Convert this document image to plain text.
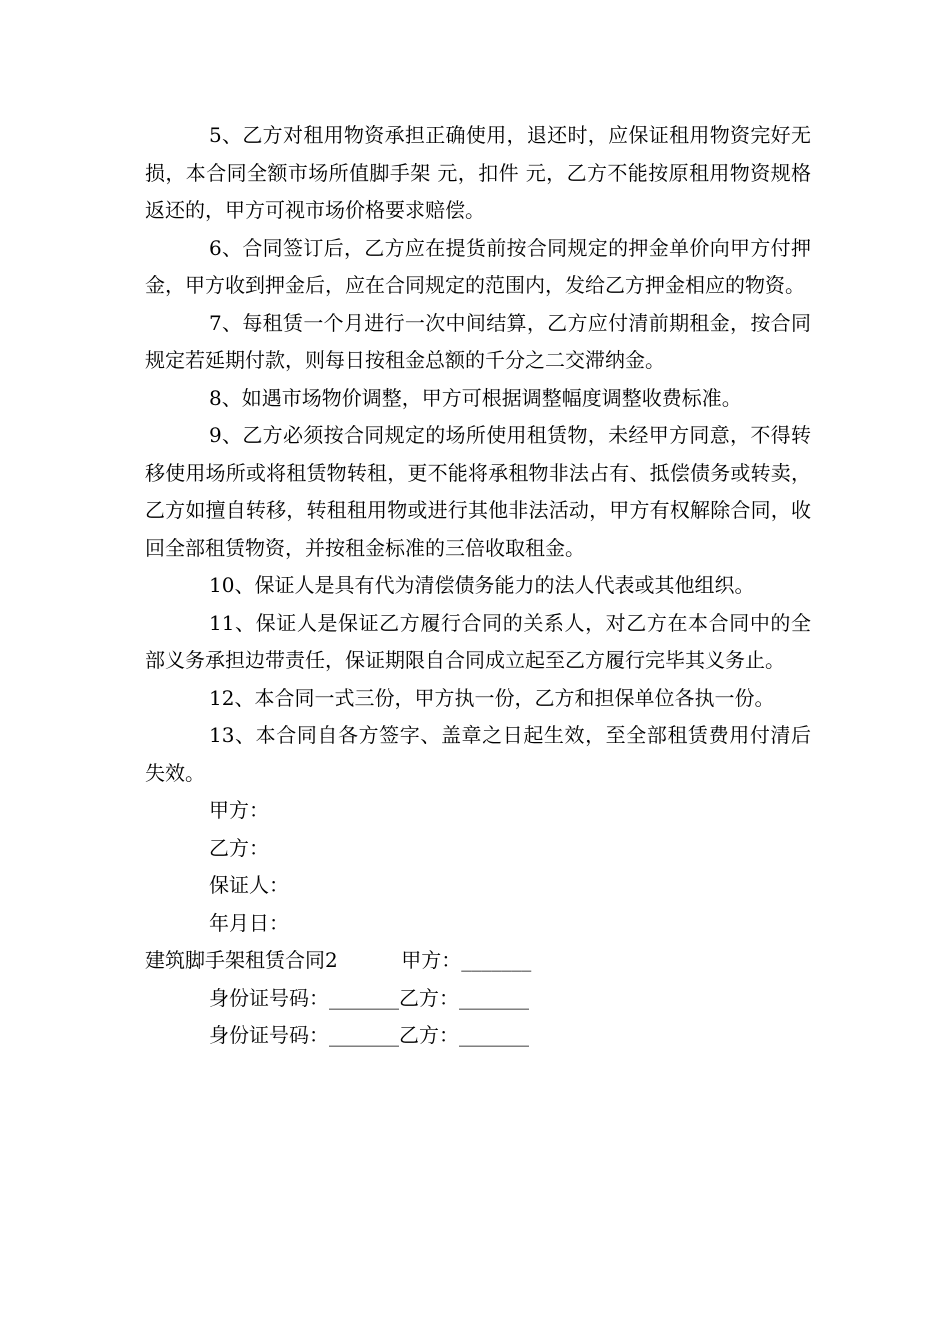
5、乙方对租用物资承担正确使用，退还时，应保证租用物资完好无损，本合同全额市场所值脚手架 元，扣件 元，乙方不能按原租用物资规格返还的，甲方可视市场价格要求赔偿。

6、合同签订后，乙方应在提货前按合同规定的押金单价向甲方付押金，甲方收到押金后，应在合同规定的范围内，发给乙方押金相应的物资。

7、每租赁一个月进行一次中间结算，乙方应付清前期租金，按合同规定若延期付款，则每日按租金总额的千分之二交滞纳金。

8、如遇市场物价调整，甲方可根据调整幅度调整收费标准。

9、乙方必须按合同规定的场所使用租赁物，未经甲方同意，不得转移使用场所或将租赁物转租，更不能将承租物非法占有、抵偿债务或转卖，乙方如擅自转移，转租租用物或进行其他非法活动，甲方有权解除合同，收回全部租赁物资，并按租金标准的三倍收取租金。

10、保证人是具有代为清偿债务能力的法人代表或其他组织。

11、保证人是保证乙方履行合同的关系人，对乙方在本合同中的全部义务承担边带责任，保证期限自合同成立起至乙方履行完毕其义务止。

12、本合同一式三份，甲方执一份，乙方和担保单位各执一份。

13、本合同自各方签字、盖章之日起生效，至全部租赁费用付清后失效。

甲方：

乙方：

保证人：

年月日：

建筑脚手架租赁合同2          甲方：_______

身份证号码：_______乙方：_______

身份证号码：_______乙方：_______
